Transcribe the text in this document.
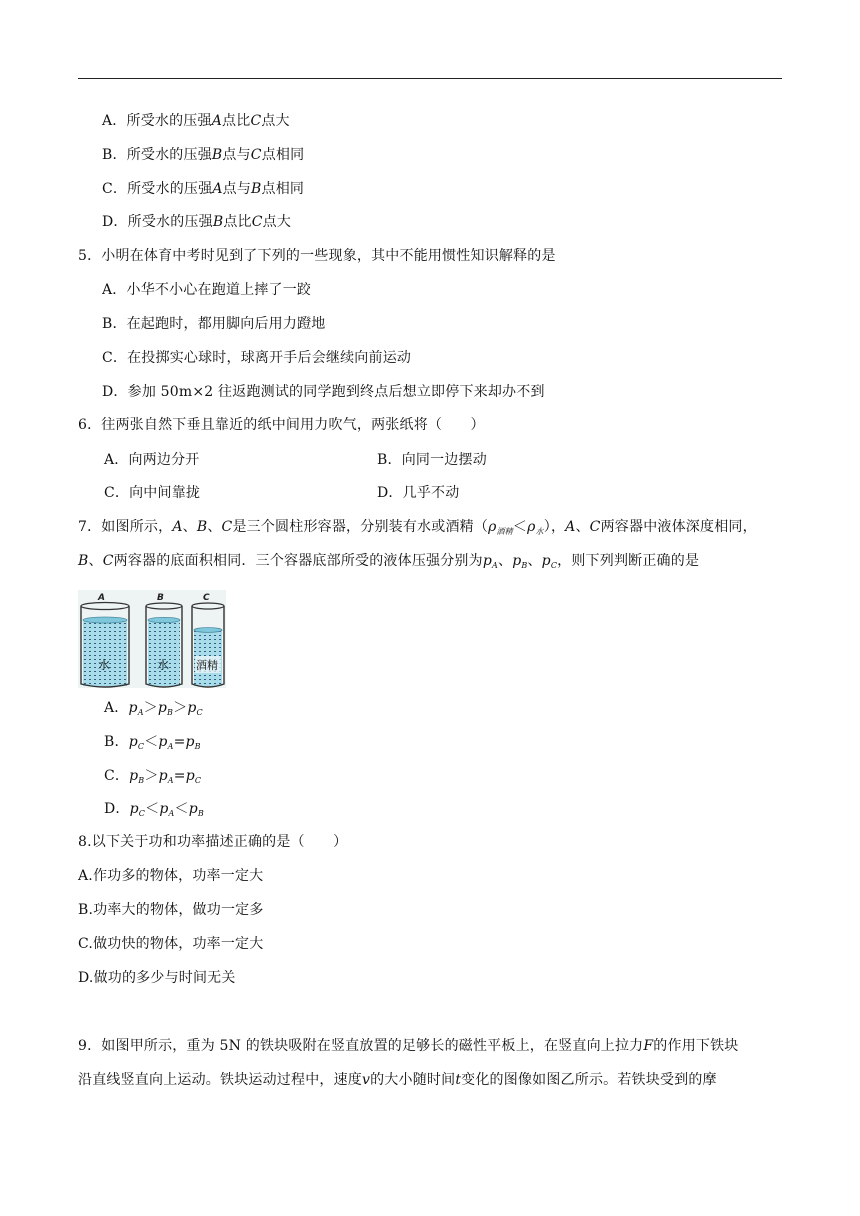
A．所受水的压强A点比C点大
B．所受水的压强B点与C点相同
C．所受水的压强A点与B点相同
D．所受水的压强B点比C点大
5．小明在体育中考时见到了下列的一些现象，其中不能用惯性知识解释的是
A．小华不小心在跑道上摔了一跤
B．在起跑时，都用脚向后用力蹬地
C．在投掷实心球时，球离开手后会继续向前运动
D．参加 50m×2 往返跑测试的同学跑到终点后想立即停下来却办不到
6．往两张自然下垂且靠近的纸中间用力吹气，两张纸将（　　）
A．向两边分开	B．向同一边摆动
C．向中间靠拢	D．几乎不动
7．如图所示，A、B、C是三个圆柱形容器，分别装有水或酒精$(\rho_{酒精}<\rho_水)$，A、C两容器中液体深度相同，
B、C两容器的底面积相同．三个容器底部所受的液体压强分别为$p_A$、$p_B$、$p_C$，则下列判断正确的是
A	B	C
水	水 酒精
A．$p_A>p_B>p_C$
B．$p_C<p_A=p_B$
C．$p_B>p_A=p_C$
D．$p_C<p_A<p_B$
8.以下关于功和功率描述正确的是（　　）
A.作功多的物体，功率一定大
B.功率大的物体，做功一定多
C.做功快的物体，功率一定大
D.做功的多少与时间无关
9．如图甲所示，重为 5N 的铁块吸附在竖直放置的足够长的磁性平板上，在竖直向上拉力F的作用下铁块
沿直线竖直向上运动。铁块运动过程中，速度v的大小随时间t变化的图像如图乙所示。若铁块受到的摩
